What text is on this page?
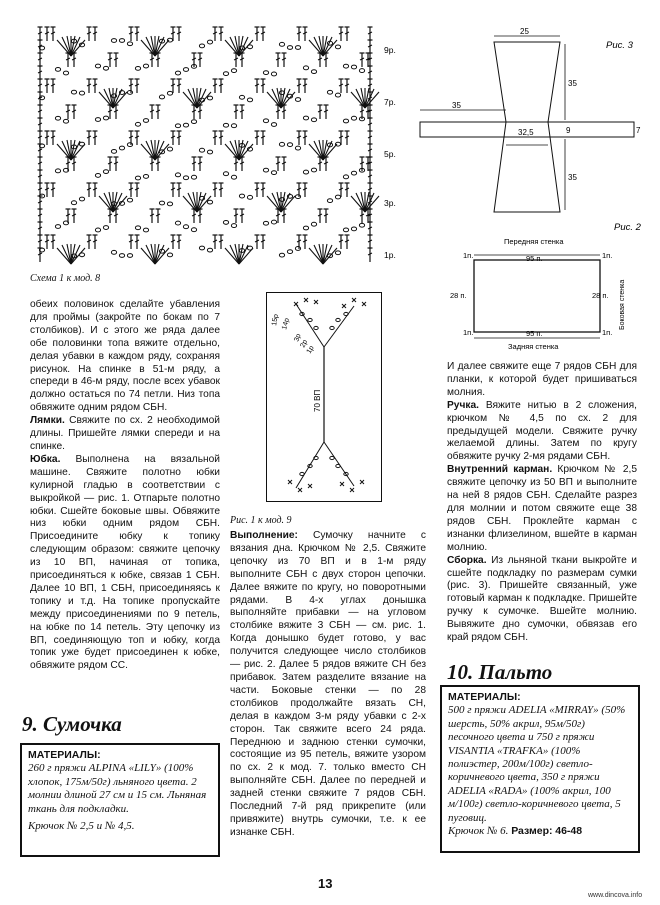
9р.
7р.
5р.
3р.
1р.
Схема 1 к мод. 8
25
35
35
32,5	9	7
35
Рис. 3
Рис. 2
Передняя стенка
1п.	95 п.	1п.
28 п.	28 п. Боковая стенка
1п.	95 п.	1п.
Задняя стенка
15р 14р
3р
2р
1р
70 ВП
Рис. 1 к мод. 9

обеих половинок сделайте убавления для проймы (закройте по бокам по 7 столбиков). И с этого же ряда далее обе половинки топа вяжите отдельно, делая убавки в каждом ряду, сохраняя рисунок. На спинке в 51-м ряду, а спереди в 46-м ряду, после всех убавок должно остаться по 74 петли. Низ топа обвяжите одним рядом СБН.

Лямки. Свяжите по сх. 2 необходимой длины. Пришейте лямки спереди и на спинке.

Юбка. Выполнена на вязальной машине. Свяжите полотно юбки кулирной гладью в соответствии с выкройкой — рис. 1. Отпарьте полотно юбки. Сшейте боковые швы. Обвяжите низ юбки одним рядом СБН. Присоедините юбку к топику следующим образом: свяжите цепочку из 10 ВП, начиная от топика, присоединяться к юбке, связав 1 СБН. Далее 10 ВП, 1 СБН, присоединяясь к топику и т.д. На топике пропускайте между присоединениями по 9 петель, на юбке по 14 петель. Эту цепочку из ВП, соединяющую топ и юбку, когда топик уже будет присоединен к юбке, обвяжите рядом СС.

9. Сумочка
МАТЕРИАЛЫ:
260 г пряжи ALPINA «LILY» (100% хлопок, 175м/50г) льняного цвета. 2 молнии длиной 27 см и 15 см. Льняная ткань для подкладки.
Крючок № 2,5 и № 4,5.

Выполнение: Сумочку начните с вязания дна. Крючком № 2,5. Свяжите цепочку из 70 ВП и в 1-м ряду выполните СБН с двух сторон цепочки. Далее вяжите по кругу, но поворотными рядами. В 4-х углах донышка выполняйте прибавки — на угловом столбике вяжите 3 СБН — см. рис. 1. Когда донышко будет готово, у вас получится следующее число столбиков — рис. 2. Далее 5 рядов вяжите СН без прибавок. Затем разделите вязание на части. Боковые стенки — по 28 столбиков продолжайте вязать СН, делая в каждом 3-м ряду убавки с 2-х сторон. Так свяжите всего 24 ряда. Переднюю и заднюю стенки сумочки, состоящие из 95 петель, вяжите узором по сх. 2 к мод. 7. только вместо СН выполняйте СБН. Далее по передней и задней стенки свяжите 7 рядов СБН. Последний 7-й ряд прикрепите (или привяжите) внутрь сумочки, т.е. к ее изнанке СБН.

И далее свяжите еще 7 рядов СБН для планки, к которой будет пришиваться молния.

Ручка. Вяжите нитью в 2 сложения, крючком № 4,5 по сх. 2 для предыдущей модели. Свяжите ручку желаемой длины. Затем по кругу обвяжите ручку 2-мя рядами СБН.

Внутренний карман. Крючком № 2,5 свяжите цепочку из 50 ВП и выполните на ней 8 рядов СБН. Сделайте разрез для молнии и потом свяжите еще 38 рядов СБН. Проклейте карман с изнанки флизелином, вшейте в карман молнию.

Сборка. Из льняной ткани выкройте и сшейте подкладку по размерам сумки (рис. 3). Пришейте связанный, уже готовый карман к подкладке. Пришейте ручку к сумочке. Вшейте молнию. Вывяжите дно сумочки, обвязав его край рядом СБН.

10. Пальто
МАТЕРИАЛЫ:
500 г пряжи ADELIA «MIRRAY» (50% шерсть, 50% акрил, 95м/50г) песочного цвета и 750 г пряжи VISANTIA «TRAFKA» (100% полиэстер, 200м/100г) светло-коричневого цвета, 350 г пряжи ADELIA «RADA» (100% акрил, 100 м/100г) светло-коричневого цвета, 5 пуговиц.
Крючок № 6. Размер: 46-48
13
www.dincova.info
